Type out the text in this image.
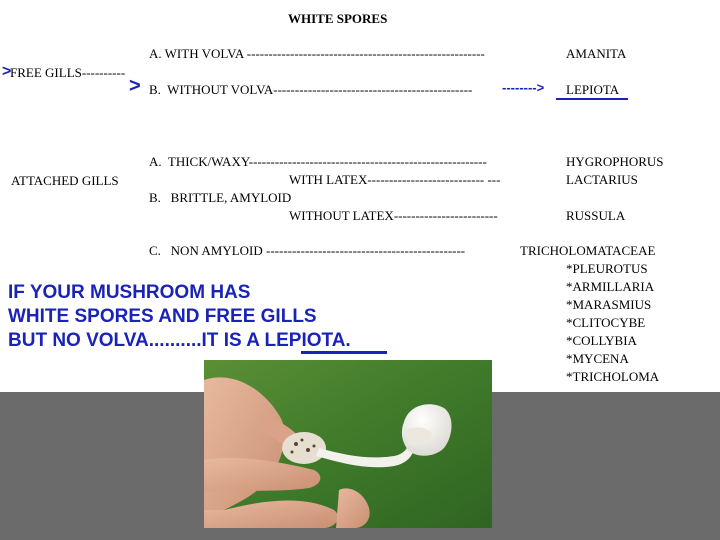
WHITE SPORES
>
FREE GILLS----------
A. WITH VOLVA -------------------------------------------------------	AMANITA
> B.  WITHOUT VOLVA---------------------------------------------- --------> LEPIOTA
ATTACHED GILLS
A.  THICK/WAXY-------------------------------------------------------	HYGROPHORUS
WITH LATEX--------------------------- ---	LACTARIUS
B.   BRITTLE, AMYLOID
WITHOUT LATEX------------------------	RUSSULA
C.   NON AMYLOID ----------------------------------------------	TRICHOLOMATACEAE
*PLEUROTUS
*ARMILLARIA
*MARASMIUS
*CLITOCYBE
*COLLYBIA
*MYCENA
*TRICHOLOMA
IF YOUR MUSHROOM HAS
WHITE SPORES AND FREE GILLS
BUT NO VOLVA..........IT IS A LEPIOTA.
